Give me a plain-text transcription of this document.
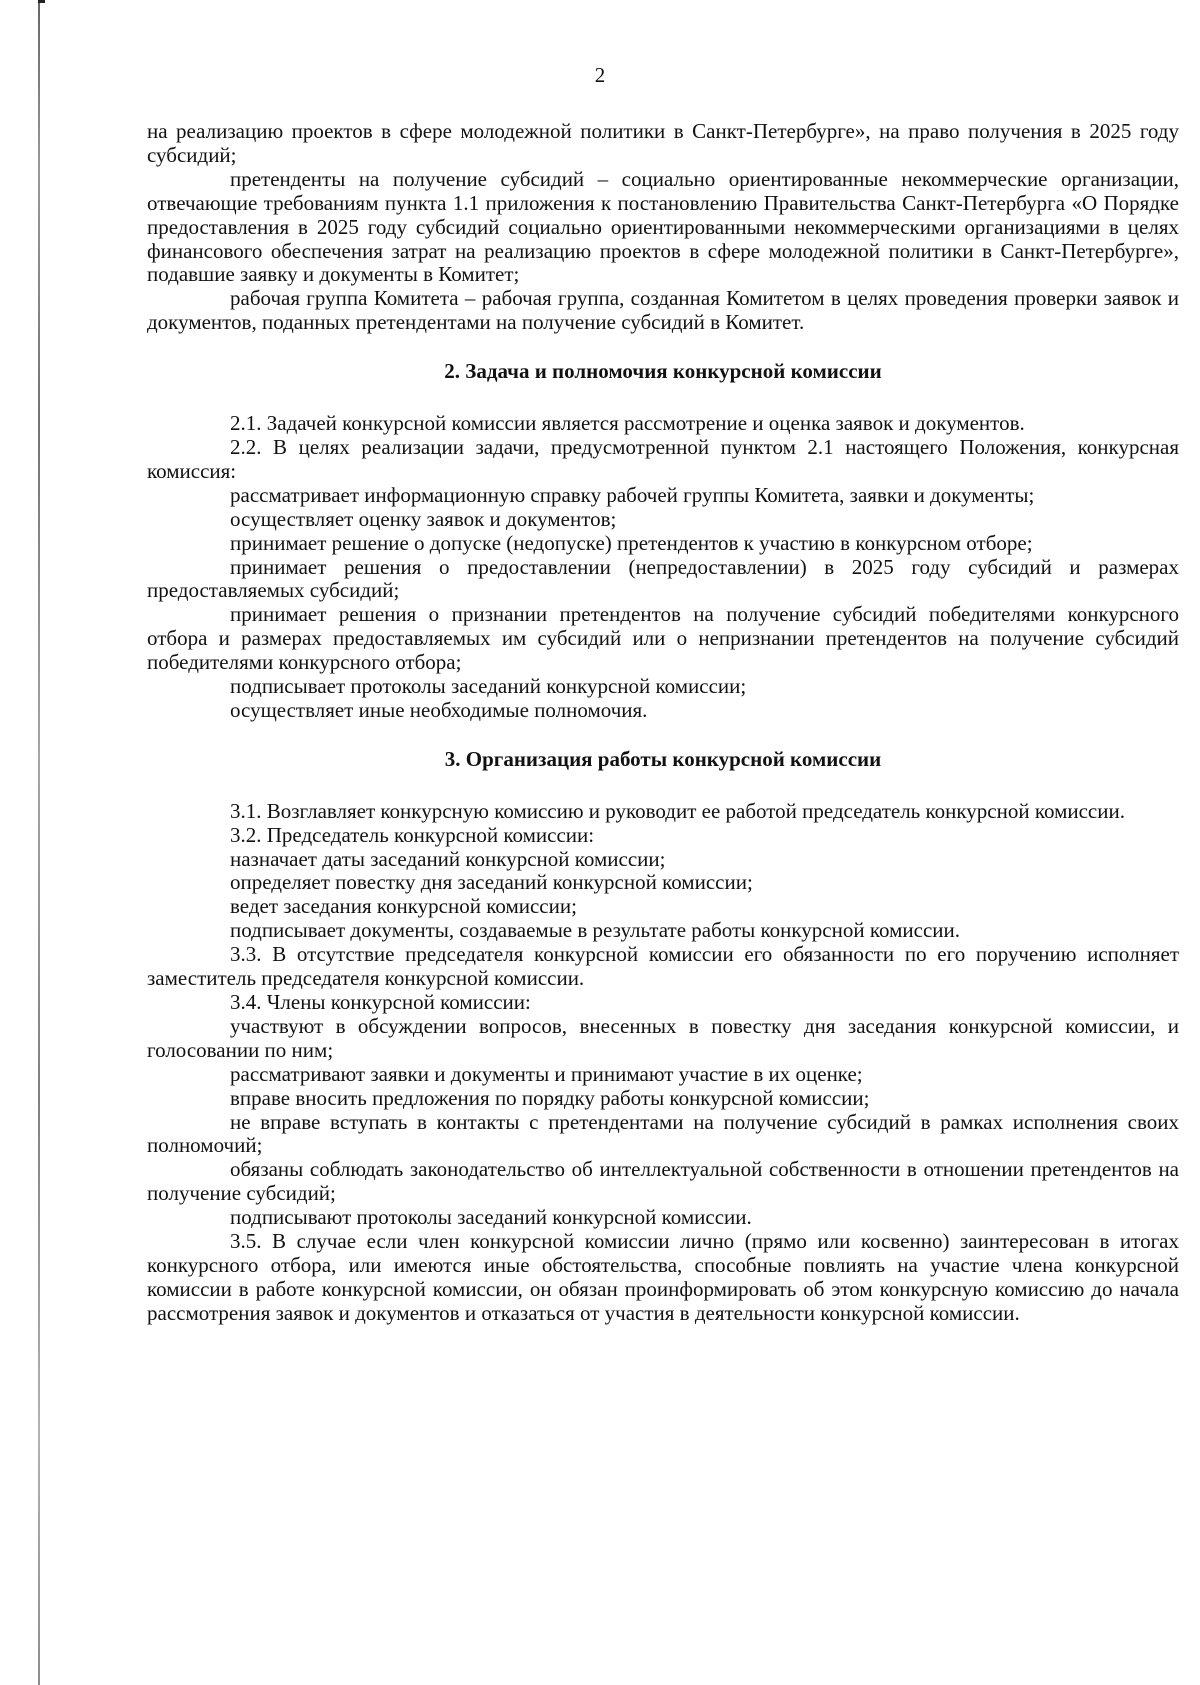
2

на реализацию проектов в сфере молодежной политики в Санкт-Петербурге», на право получения в 2025 году субсидий;

претенденты на получение субсидий – социально ориентированные некоммерческие организации, отвечающие требованиям пункта 1.1 приложения к постановлению Правительства Санкт-Петербурга «О Порядке предоставления в 2025 году субсидий социально ориентированными некоммерческими организациями в целях финансового обеспечения затрат на реализацию проектов в сфере молодежной политики в Санкт-Петербурге», подавшие заявку и документы в Комитет;

рабочая группа Комитета – рабочая группа, созданная Комитетом в целях проведения проверки заявок и документов, поданных претендентами на получение субсидий в Комитет.

2. Задача и полномочия конкурсной комиссии

2.1. Задачей конкурсной комиссии является рассмотрение и оценка заявок и документов.

2.2. В целях реализации задачи, предусмотренной пунктом 2.1 настоящего Положения, конкурсная комиссия:

рассматривает информационную справку рабочей группы Комитета, заявки и документы;

осуществляет оценку заявок и документов;

принимает решение о допуске (недопуске) претендентов к участию в конкурсном отборе;

принимает решения о предоставлении (непредоставлении) в 2025 году субсидий и размерах предоставляемых субсидий;

принимает решения о признании претендентов на получение субсидий победителями конкурсного отбора и размерах предоставляемых им субсидий или о непризнании претендентов на получение субсидий победителями конкурсного отбора;

подписывает протоколы заседаний конкурсной комиссии;

осуществляет иные необходимые полномочия.

3. Организация работы конкурсной комиссии

3.1. Возглавляет конкурсную комиссию и руководит ее работой председатель конкурсной комиссии.

3.2. Председатель конкурсной комиссии:

назначает даты заседаний конкурсной комиссии;

определяет повестку дня заседаний конкурсной комиссии;

ведет заседания конкурсной комиссии;

подписывает документы, создаваемые в результате работы конкурсной комиссии.

3.3. В отсутствие председателя конкурсной комиссии его обязанности по его поручению исполняет заместитель председателя конкурсной комиссии.

3.4. Члены конкурсной комиссии:

участвуют в обсуждении вопросов, внесенных в повестку дня заседания конкурсной комиссии, и голосовании по ним;

рассматривают заявки и документы и принимают участие в их оценке;

вправе вносить предложения по порядку работы конкурсной комиссии;

не вправе вступать в контакты с претендентами на получение субсидий в рамках исполнения своих полномочий;

обязаны соблюдать законодательство об интеллектуальной собственности в отношении претендентов на получение субсидий;

подписывают протоколы заседаний конкурсной комиссии.

3.5. В случае если член конкурсной комиссии лично (прямо или косвенно) заинтересован в итогах конкурсного отбора, или имеются иные обстоятельства, способные повлиять на участие члена конкурсной комиссии в работе конкурсной комиссии, он обязан проинформировать об этом конкурсную комиссию до начала рассмотрения заявок и документов и отказаться от участия в деятельности конкурсной комиссии.
